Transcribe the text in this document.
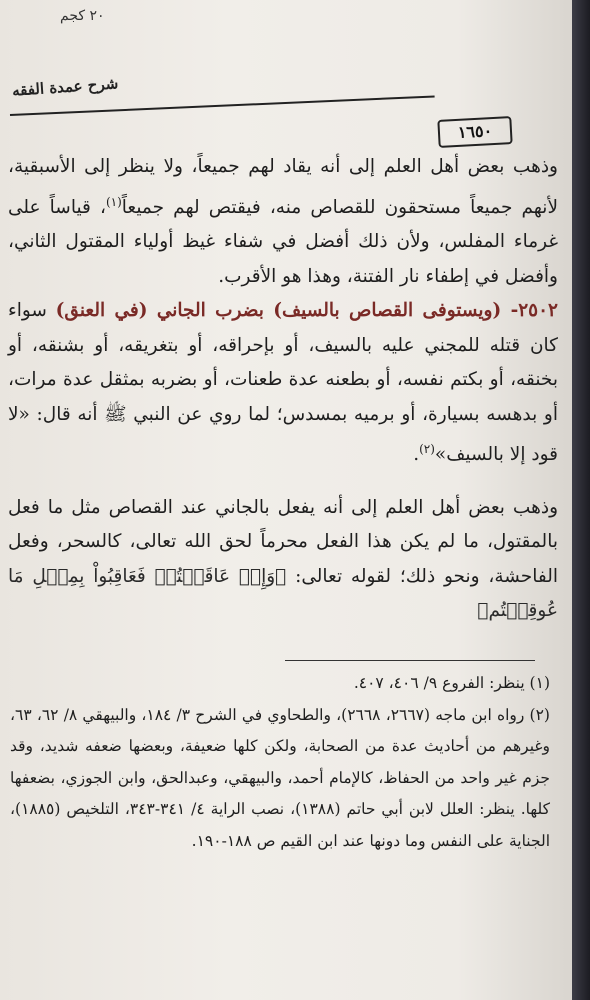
٢٠ كجم
شرح عمدة الفقه
١٦٥٠

وذهب بعض أهل العلم إلى أنه يقاد لهم جميعاً، ولا ينظر إلى الأسبقية، لأنهم جميعاً مستحقون للقصاص منه، فيقتص لهم جميعاً$^{(١)}$، قياساً على غرماء المفلس، ولأن ذلك أفضل في شفاء غيظ أولياء المقتول الثاني، وأفضل في إطفاء نار الفتنة، وهذا هو الأقرب.

٢٥٠٢- (ويستوفى القصاص بالسيف) بضرب الجاني (في العنق) سواء كان قتله للمجني عليه بالسيف، أو بإحراقه، أو بتغريقه، أو بشنقه، أو بخنقه، أو بكتم نفسه، أو بطعنه عدة طعنات، أو بضربه بمثقل عدة مرات، أو بدهسه بسيارة، أو برميه بمسدس؛ لما روي عن النبي ﷺ أنه قال: «لا قود إلا بالسيف»$^{(٢)}$.

وذهب بعض أهل العلم إلى أنه يفعل بالجاني عند القصاص مثل ما فعل بالمقتول، ما لم يكن هذا الفعل محرماً لحق الله تعالى، كالسحر، وفعل الفاحشة، ونحو ذلك؛ لقوله تعالى: ﴿وَإِنۡ عَاقَبۡتُمۡ فَعَاقِبُواْ بِمِثۡلِ مَا عُوقِبۡتُم﴾

(١) ينظر: الفروع ٩/ ٤٠٦، ٤٠٧.

(٢) رواه ابن ماجه (٢٦٦٧، ٢٦٦٨)، والطحاوي في الشرح ٣/ ١٨٤، والبيهقي ٨/ ٦٢، ٦٣، وغيرهم من أحاديث عدة من الصحابة، ولكن كلها ضعيفة، وبعضها ضعفه شديد، وقد جزم غير واحد من الحفاظ، كالإمام أحمد، والبيهقي، وعبدالحق، وابن الجوزي، بضعفها كلها. ينظر: العلل لابن أبي حاتم (١٣٨٨)، نصب الراية ٤/ ٣٤١-٣٤٣، التلخيص (١٨٨٥)، الجناية على النفس وما دونها عند ابن القيم ص ١٨٨-١٩٠.
